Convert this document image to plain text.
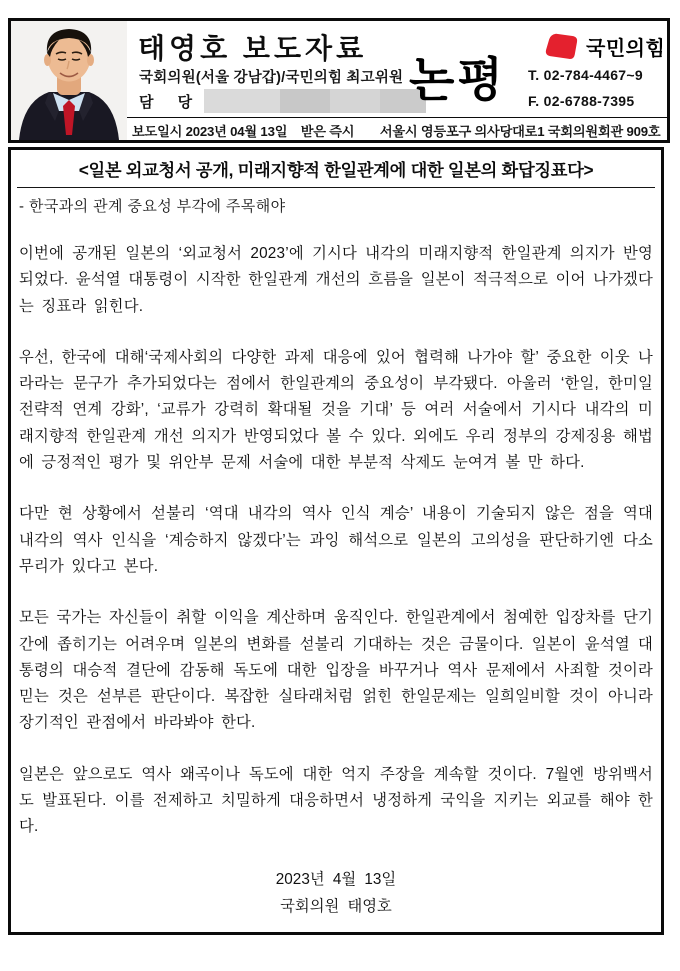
태영호 보도자료
국회의원(서울 강남갑)/국민의힘 최고위원
담 당
보도일시 2023년 04월 13일 받은 즉시 서울시 영등포구 의사당대로1 국회의원회관 909호
논평
국민의힘
T. 02-784-4467~9
F. 02-6788-7395
<일본 외교청서 공개, 미래지향적 한일관계에 대한 일본의 화답징표다>
- 한국과의 관계 중요성 부각에 주목해야

이번에 공개된 일본의 ‘외교청서 2023’에 기시다 내각의 미래지향적 한일관계 의지가 반영되었다. 윤석열 대통령이 시작한 한일관계 개선의 흐름을 일본이 적극적으로 이어 나가겠다는 징표라 읽힌다.

우선, 한국에 대해‘국제사회의 다양한 과제 대응에 있어 협력해 나가야 할’ 중요한 이웃 나라라는 문구가 추가되었다는 점에서 한일관계의 중요성이 부각됐다. 아울러 ‘한일, 한미일 전략적 연계 강화’, ‘교류가 강력히 확대될 것을 기대’ 등 여러 서술에서 기시다 내각의 미래지향적 한일관계 개선 의지가 반영되었다 볼 수 있다. 외에도 우리 정부의 강제징용 해법에 긍정적인 평가 및 위안부 문제 서술에 대한 부분적 삭제도 눈여겨 볼 만 하다.

다만 현 상황에서 섣불리 ‘역대 내각의 역사 인식 계승’ 내용이 기술되지 않은 점을 역대 내각의 역사 인식을 ‘계승하지 않겠다’는 과잉 해석으로 일본의 고의성을 판단하기엔 다소 무리가 있다고 본다.

모든 국가는 자신들이 취할 이익을 계산하며 움직인다. 한일관계에서 첨예한 입장차를 단기간에 좁히기는 어려우며 일본의 변화를 섣불리 기대하는 것은 금물이다. 일본이 윤석열 대통령의 대승적 결단에 감동해 독도에 대한 입장을 바꾸거나 역사 문제에서 사죄할 것이라 믿는 것은 섣부른 판단이다. 복잡한 실타래처럼 얽힌 한일문제는 일희일비할 것이 아니라 장기적인 관점에서 바라봐야 한다.

일본은 앞으로도 역사 왜곡이나 독도에 대한 억지 주장을 계속할 것이다. 7월엔 방위백서도 발표된다. 이를 전제하고 치밀하게 대응하면서 냉정하게 국익을 지키는 외교를 해야 한다.

2023년 4월 13일
국회의원 태영호
